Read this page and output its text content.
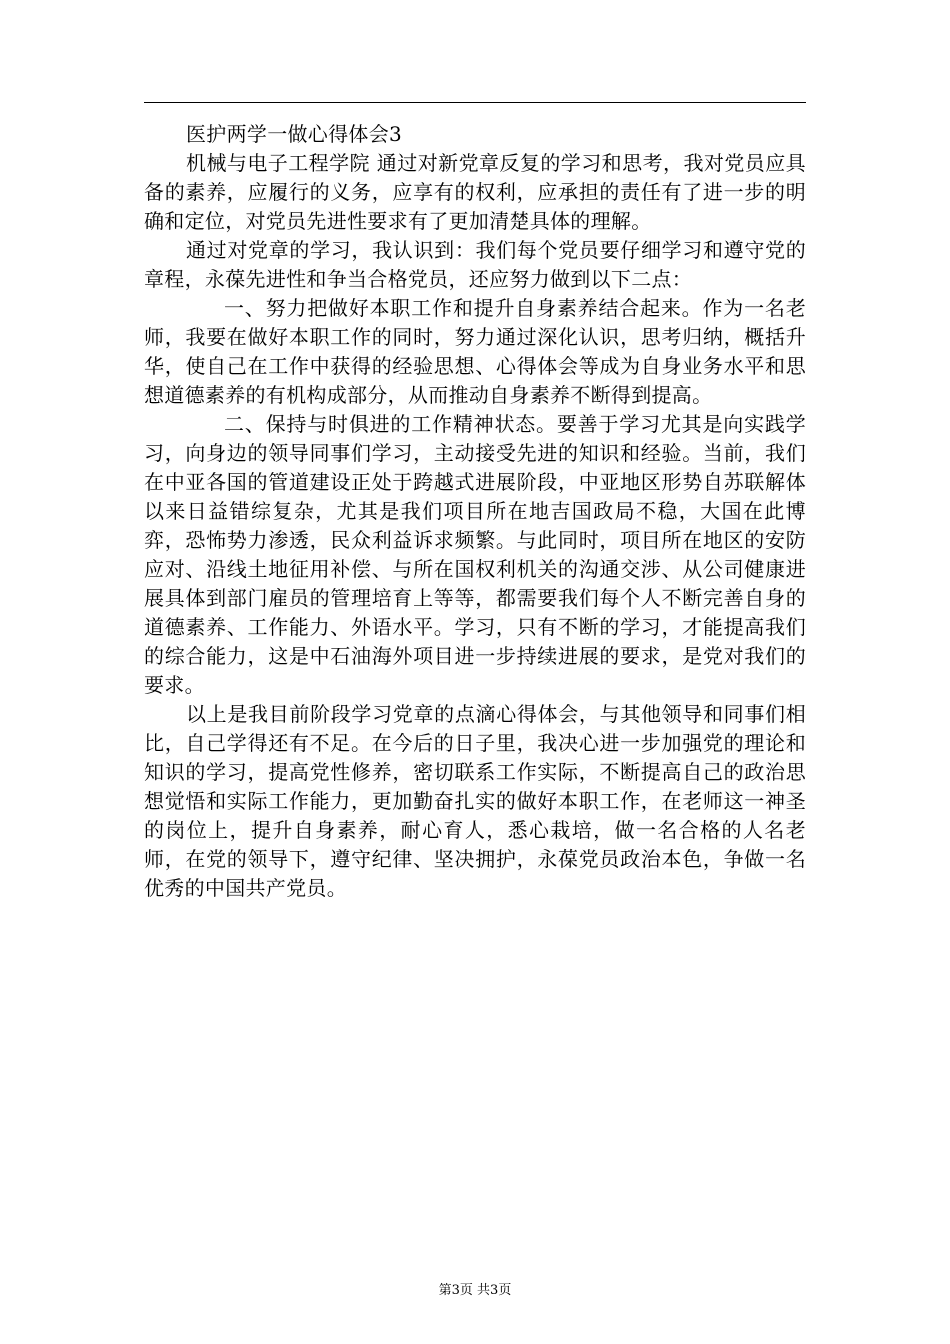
医护两学一做心得体会3

机械与电子工程学院 通过对新党章反复的学习和思考，我对党员应具备的素养，应履行的义务，应享有的权利，应承担的责任有了进一步的明确和定位，对党员先进性要求有了更加清楚具体的理解。

通过对党章的学习，我认识到：我们每个党员要仔细学习和遵守党的章程，永葆先进性和争当合格党员，还应努力做到以下二点：

一、努力把做好本职工作和提升自身素养结合起来。作为一名老师，我要在做好本职工作的同时，努力通过深化认识，思考归纳，概括升华，使自己在工作中获得的经验思想、心得体会等成为自身业务水平和思想道德素养的有机构成部分，从而推动自身素养不断得到提高。

二、保持与时俱进的工作精神状态。要善于学习尤其是向实践学习，向身边的领导同事们学习，主动接受先进的知识和经验。当前，我们在中亚各国的管道建设正处于跨越式进展阶段，中亚地区形势自苏联解体以来日益错综复杂，尤其是我们项目所在地吉国政局不稳，大国在此博弈，恐怖势力渗透，民众利益诉求频繁。与此同时，项目所在地区的安防应对、沿线土地征用补偿、与所在国权利机关的沟通交涉、从公司健康进展具体到部门雇员的管理培育上等等，都需要我们每个人不断完善自身的道德素养、工作能力、外语水平。学习，只有不断的学习，才能提高我们的综合能力，这是中石油海外项目进一步持续进展的要求，是党对我们的要求。

以上是我目前阶段学习党章的点滴心得体会，与其他领导和同事们相比，自己学得还有不足。在今后的日子里，我决心进一步加强党的理论和知识的学习，提高党性修养，密切联系工作实际，不断提高自己的政治思想觉悟和实际工作能力，更加勤奋扎实的做好本职工作，在老师这一神圣的岗位上，提升自身素养，耐心育人，悉心栽培，做一名合格的人名老师，在党的领导下，遵守纪律、坚决拥护，永葆党员政治本色，争做一名优秀的中国共产党员。

第3页 共3页
